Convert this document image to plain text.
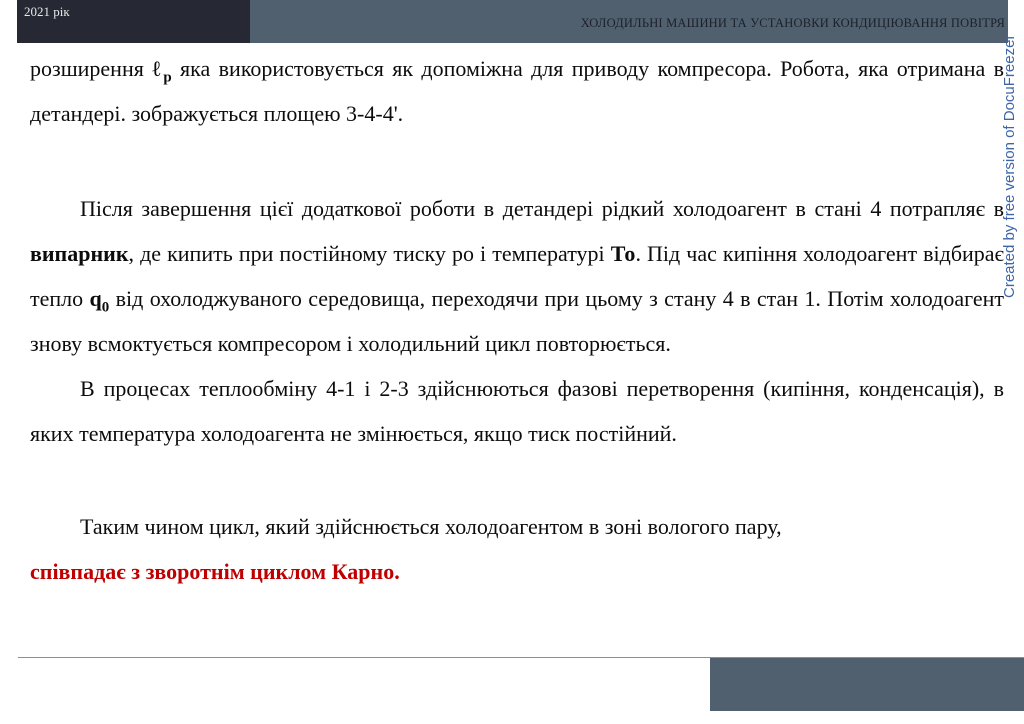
2021 рік
ХОЛОДИЛЬНІ МАШИНИ ТА УСТАНОВКИ КОНДИЦІЮВАННЯ ПОВІТРЯ
Created by free version of DocuFreezer

розширення ℓ$_р$ яка використовується як допоміжна для приводу компресора. Робота, яка отримана в детандері. зображується площею 3-4-4'.

Після завершення цієї додаткової роботи в детандері рідкий холодоагент в стані 4 потрапляє в випарник, де кипить при постійному тиску ро і температурі То. Під час кипіння холодоагент відбирає тепло $q_0$ від охолоджуваного середовища, переходячи при цьому з стану 4 в стан 1. Потім холодоагент знову всмоктується компресором і холодильний цикл повторюється.

В процесах теплообміну 4-1 і 2-3 здійснюються фазові перетворення (кипіння, конденсація), в яких температура холодоагента не змінюється, якщо тиск постійний.

Таким чином цикл, який здійснюється холодоагентом в зоні вологого пару,
співпадає з зворотнім циклом Карно.
